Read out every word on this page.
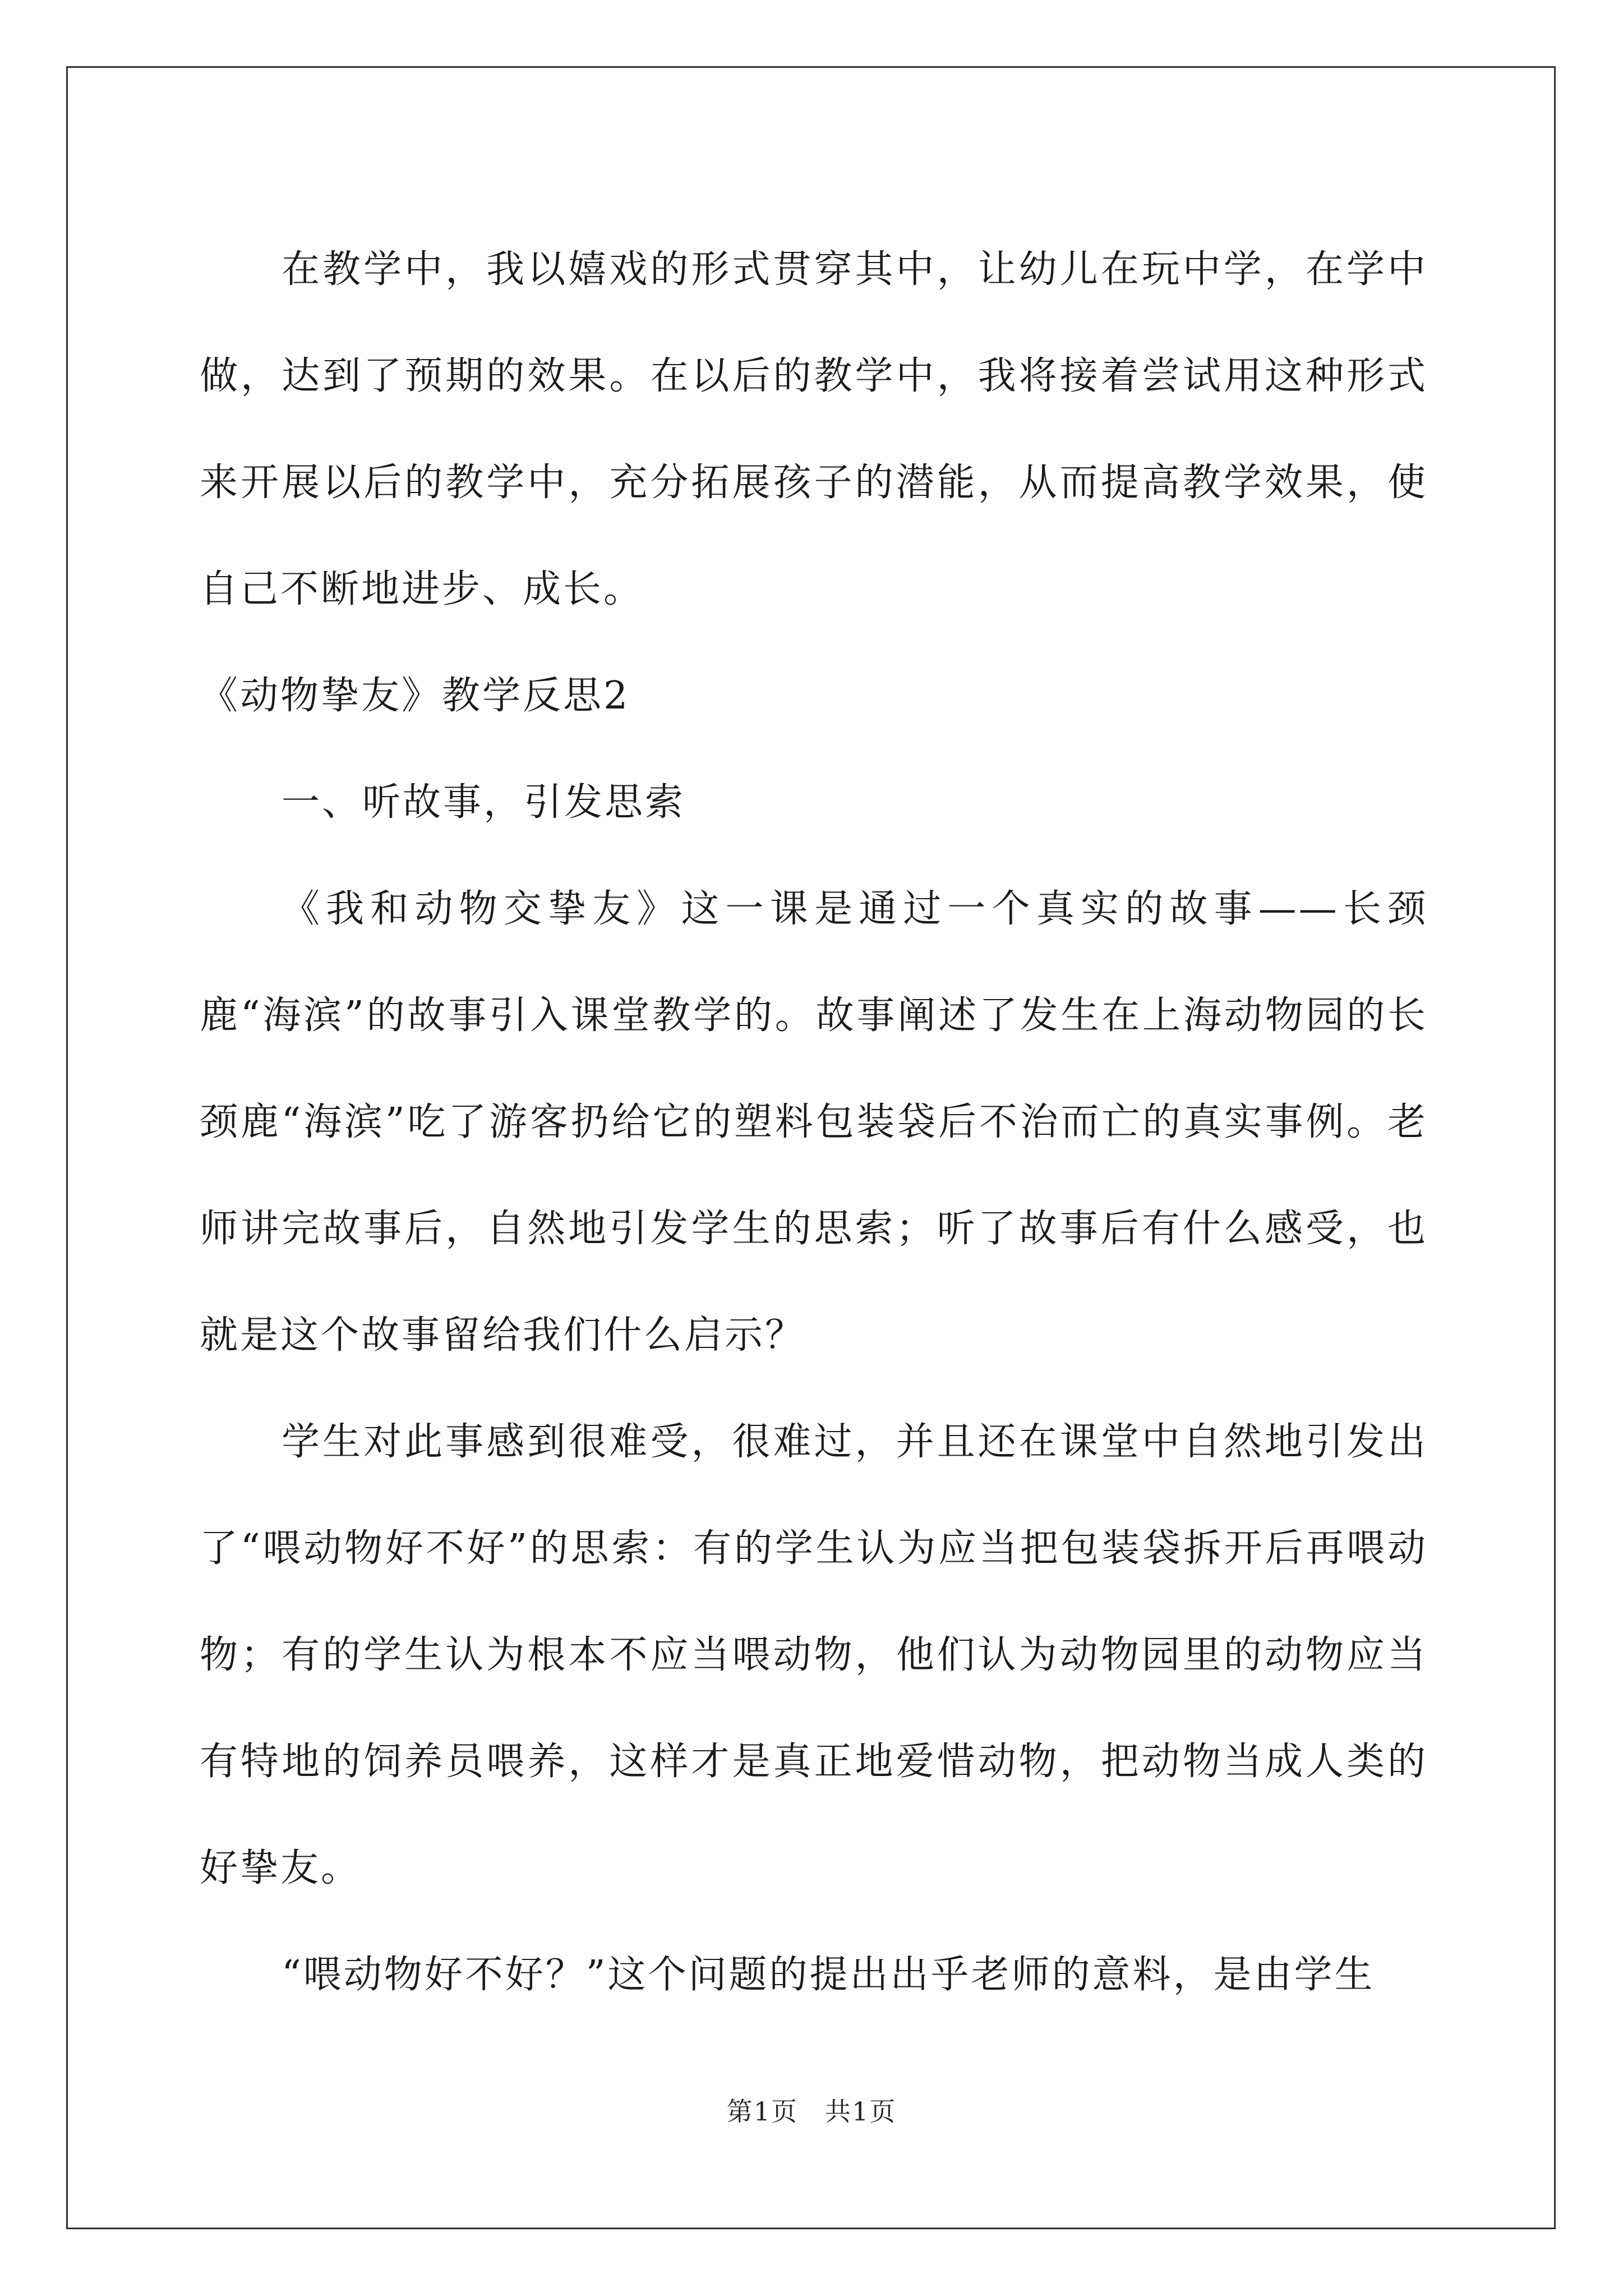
在教学中，我以嬉戏的形式贯穿其中，让幼儿在玩中学，在学中做，达到了预期的效果。在以后的教学中，我将接着尝试用这种形式来开展以后的教学中，充分拓展孩子的潜能，从而提高教学效果，使自己不断地进步、成长。

《动物挚友》教学反思2

一、听故事，引发思索

《我和动物交挚友》这一课是通过一个真实的故事——长颈鹿“海滨”的故事引入课堂教学的。故事阐述了发生在上海动物园的长颈鹿“海滨”吃了游客扔给它的塑料包装袋后不治而亡的真实事例。老师讲完故事后，自然地引发学生的思索；听了故事后有什么感受，也就是这个故事留给我们什么启示？

学生对此事感到很难受，很难过，并且还在课堂中自然地引发出了“喂动物好不好”的思索：有的学生认为应当把包装袋拆开后再喂动物；有的学生认为根本不应当喂动物，他们认为动物园里的动物应当有特地的饲养员喂养，这样才是真正地爱惜动物，把动物当成人类的好挚友。

“喂动物好不好？”这个问题的提出出乎老师的意料，是由学生

第1页　共1页
